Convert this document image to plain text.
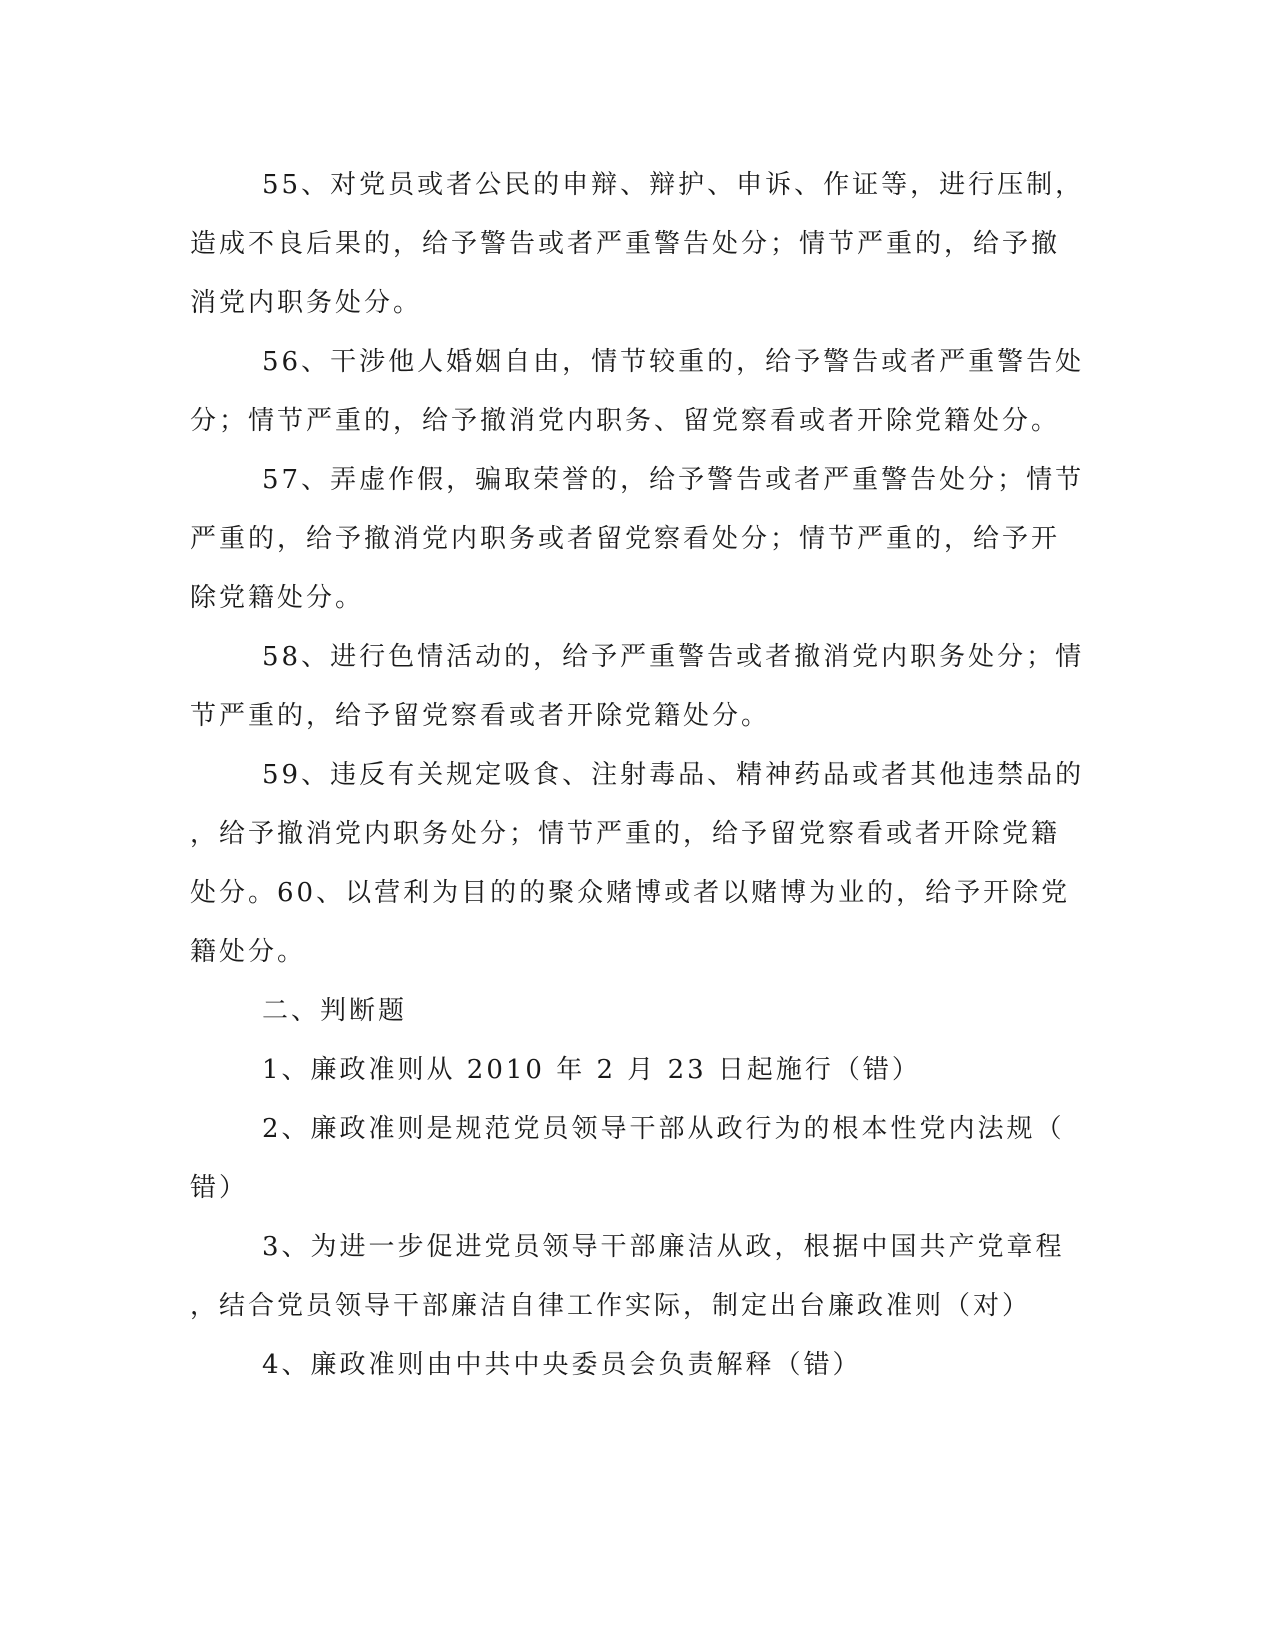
55、对党员或者公民的申辩、辩护、申诉、作证等，进行压制，
造成不良后果的，给予警告或者严重警告处分；情节严重的，给予撤
消党内职务处分。

56、干涉他人婚姻自由，情节较重的，给予警告或者严重警告处
分；情节严重的，给予撤消党内职务、留党察看或者开除党籍处分。

57、弄虚作假，骗取荣誉的，给予警告或者严重警告处分；情节
严重的，给予撤消党内职务或者留党察看处分；情节严重的，给予开
除党籍处分。

58、进行色情活动的，给予严重警告或者撤消党内职务处分；情
节严重的，给予留党察看或者开除党籍处分。

59、违反有关规定吸食、注射毒品、精神药品或者其他违禁品的
，给予撤消党内职务处分；情节严重的，给予留党察看或者开除党籍
处分。60、以营利为目的的聚众赌博或者以赌博为业的，给予开除党
籍处分。

二、判断题

1、廉政准则从 2010 年 2 月 23 日起施行（错）

2、廉政准则是规范党员领导干部从政行为的根本性党内法规（
错）

3、为进一步促进党员领导干部廉洁从政，根据中国共产党章程
，结合党员领导干部廉洁自律工作实际，制定出台廉政准则（对）

4、廉政准则由中共中央委员会负责解释（错）
